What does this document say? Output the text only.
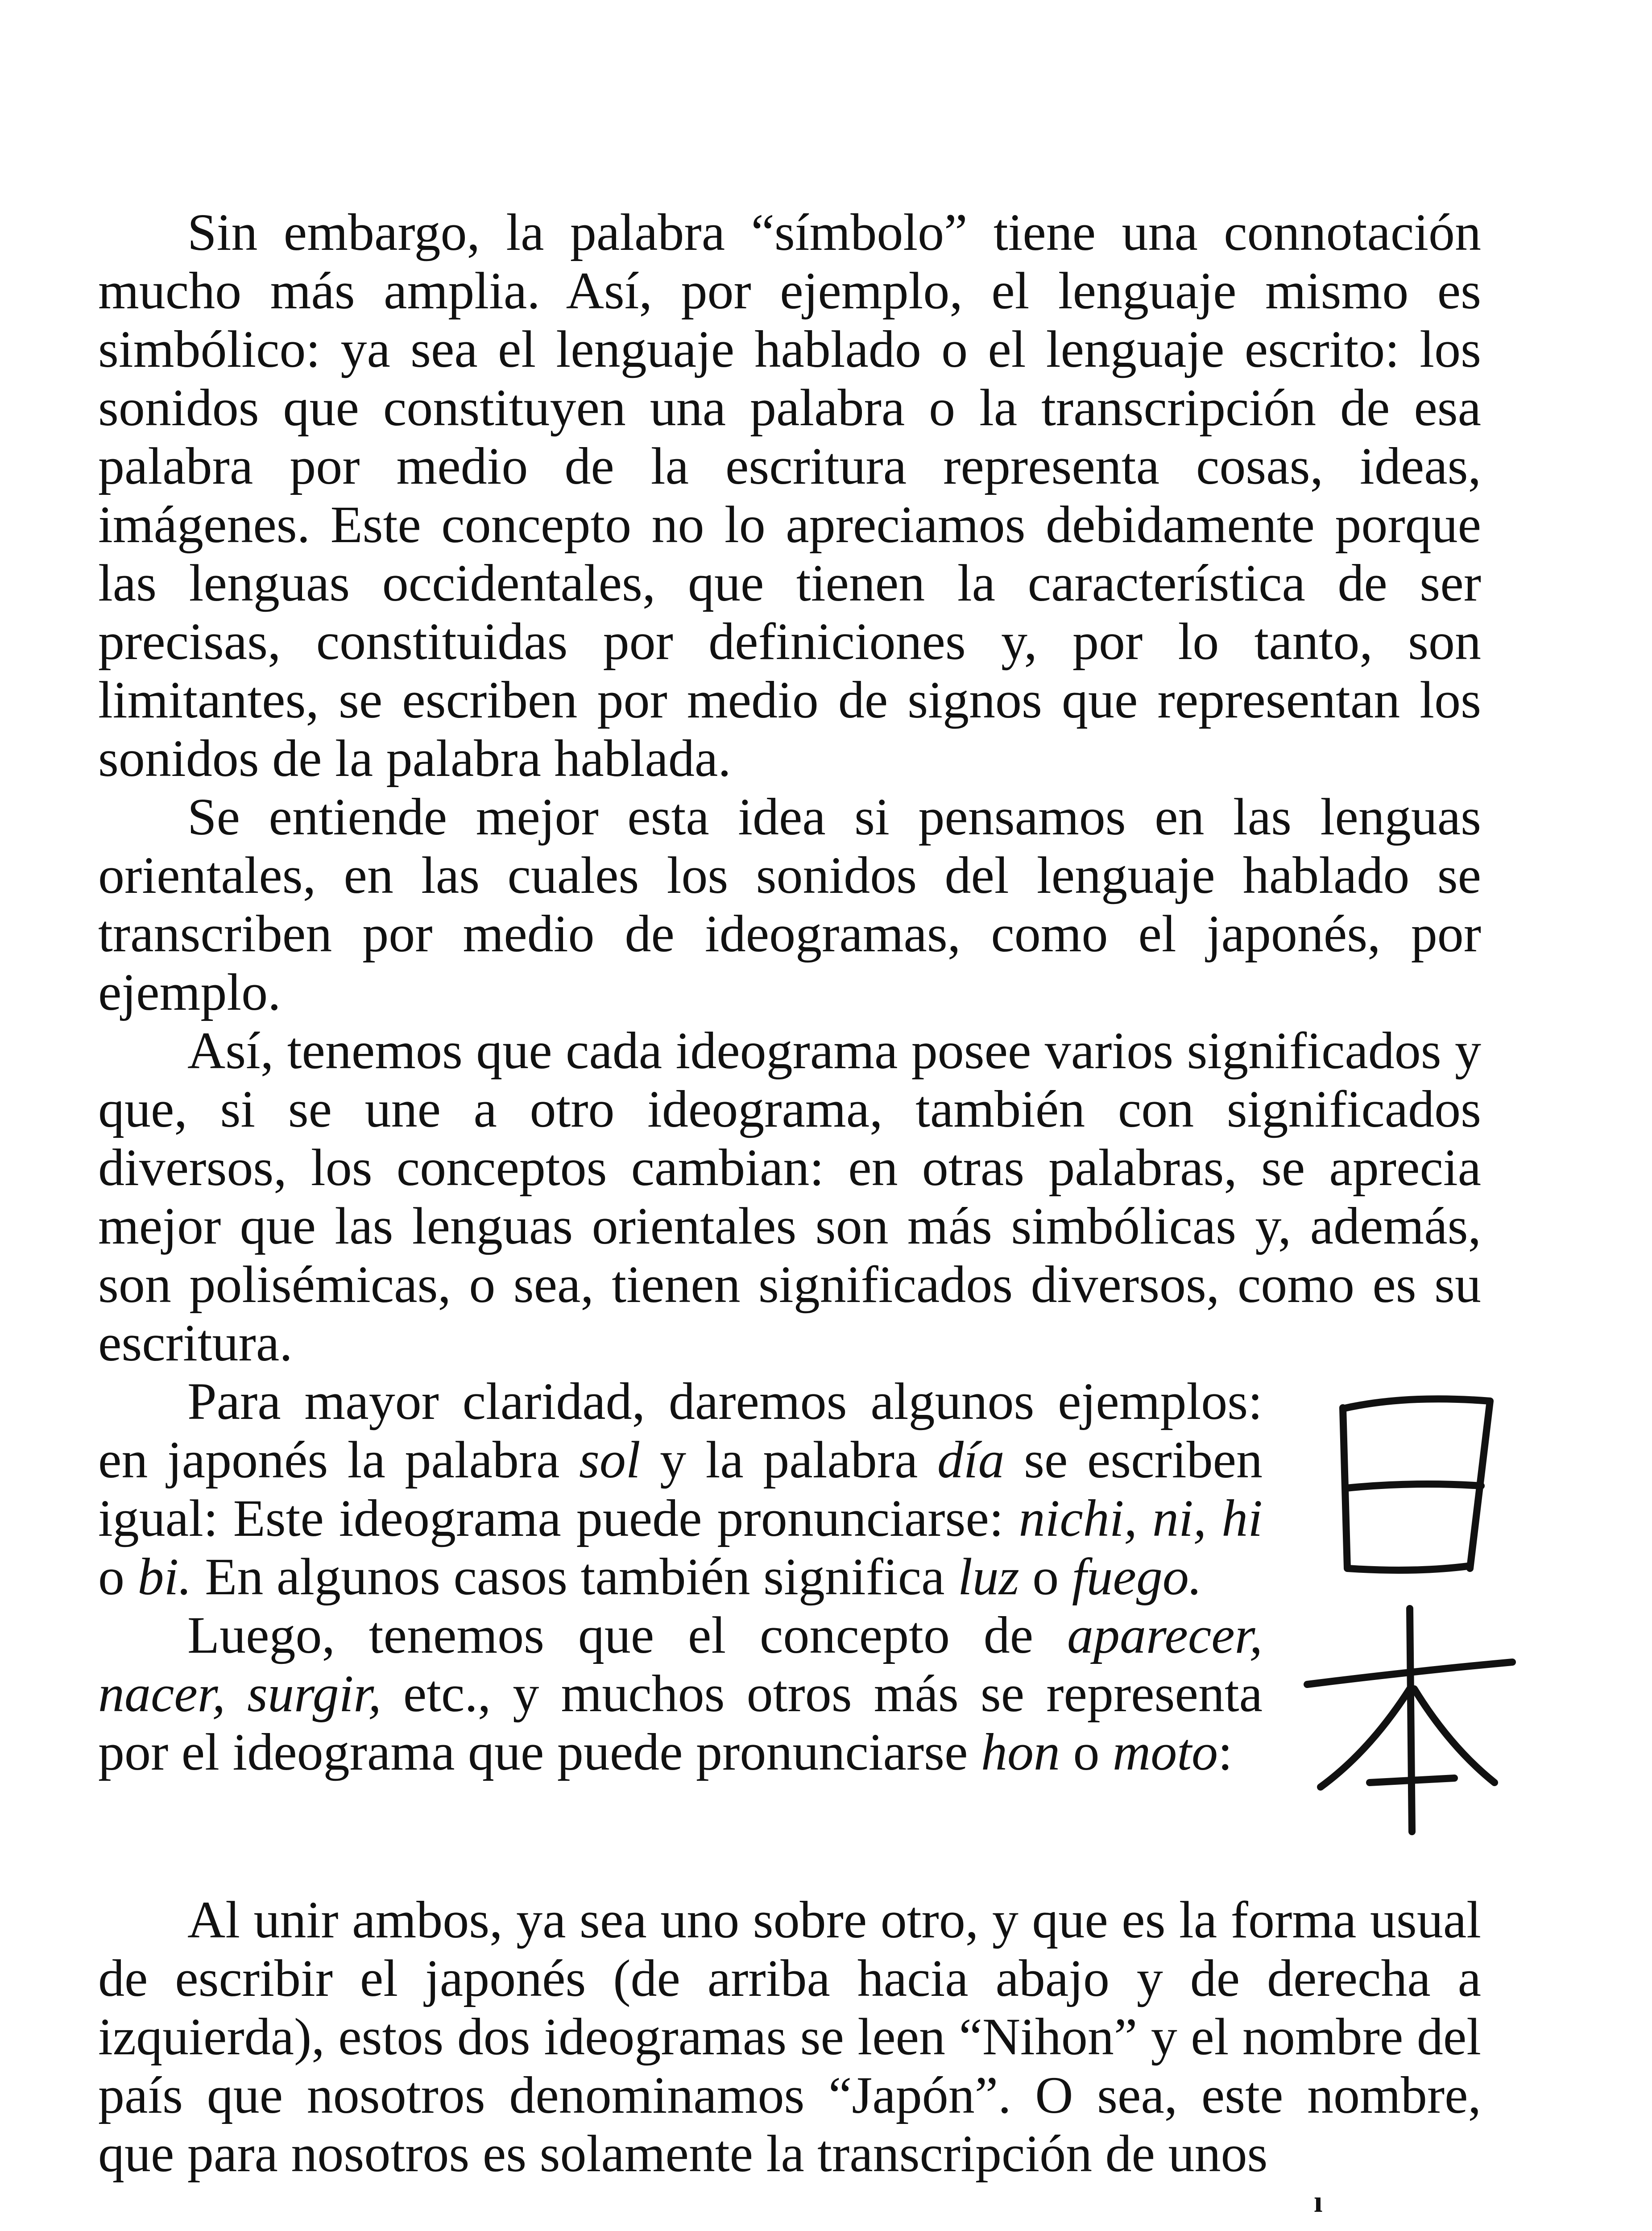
Sin embargo, la palabra “símbolo” tiene una connotación mucho más amplia. Así, por ejemplo, el lenguaje mismo es simbólico: ya sea el lenguaje hablado o el lenguaje escrito: los sonidos que constituyen una palabra o la transcripción de esa palabra por medio de la escritura representa cosas, ideas, imágenes. Este concepto no lo apreciamos debidamente porque las lenguas occidentales, que tienen la característica de ser precisas, constituidas por definiciones y, por lo tanto, son limitantes, se escriben por medio de signos que representan los sonidos de la palabra hablada.

Se entiende mejor esta idea si pensamos en las lenguas orientales, en las cuales los sonidos del lenguaje hablado se transcriben por medio de ideogramas, como el japonés, por ejemplo.

Así, tenemos que cada ideograma posee varios significados y que, si se une a otro ideograma, también con significados diversos, los conceptos cambian: en otras palabras, se aprecia mejor que las lenguas orientales son más simbólicas y, además, son polisémicas, o sea, tienen significados diversos, como es su escritura.

Para mayor claridad, daremos algunos ejemplos: en japonés la palabra sol y la palabra día se escriben igual: Este ideograma puede pronunciarse: nichi, ni, hi o bi. En algunos casos también significa luz o fuego.

Luego, tenemos que el concepto de aparecer, nacer, surgir, etc., y muchos otros más se representa por el ideograma que puede pronunciarse hon o moto:

Al unir ambos, ya sea uno sobre otro, y que es la forma usual de escribir el japonés (de arriba hacia abajo y de derecha a izquierda), estos dos ideogramas se leen “Nihon” y el nombre del país que nosotros denominamos “Japón”. O sea, este nombre, que para nosotros es solamente la transcripción de unos

ı
